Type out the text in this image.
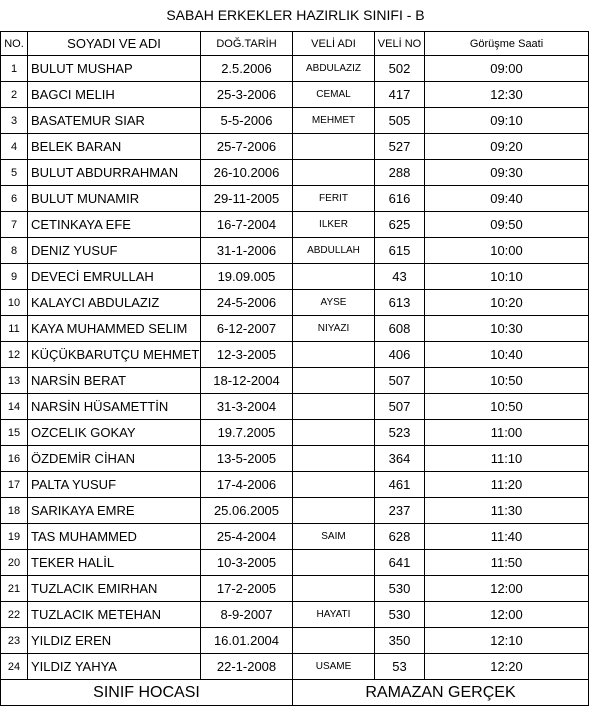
SABAH ERKEKLER HAZIRLIK SINIFI - B
NO.	SOYADI VE ADI	DOĞ.TARİH	VELİ ADI	VELİ NO	Görüşme Saati
1	BULUT MUSHAP	2.5.2006	ABDULAZIZ	502	09:00
2	BAGCI MELIH	25-3-2006	CEMAL	417	12:30
3	BASATEMUR SIAR	5-5-2006	MEHMET	505	09:10
4	BELEK BARAN	25-7-2006		527	09:20
5	BULUT ABDURRAHMAN	26-10.2006		288	09:30
6	BULUT MUNAMIR	29-11-2005	FERIT	616	09:40
7	CETINKAYA EFE	16-7-2004	ILKER	625	09:50
8	DENIZ YUSUF	31-1-2006	ABDULLAH	615	10:00
9	DEVECİ EMRULLAH	19.09.005		43	10:10
10	KALAYCI ABDULAZIZ	24-5-2006	AYSE	613	10:20
11	KAYA MUHAMMED SELIM	6-12-2007	NIYAZI	608	10:30
12	KÜÇÜKBARUTÇU MEHMET	12-3-2005		406	10:40
13	NARSİN BERAT	18-12-2004		507	10:50
14	NARSİN HÜSAMETTİN	31-3-2004		507	10:50
15	OZCELIK GOKAY	19.7.2005		523	11:00
16	ÖZDEMİR CİHAN	13-5-2005		364	11:10
17	PALTA YUSUF	17-4-2006		461	11:20
18	SARIKAYA EMRE	25.06.2005		237	11:30
19	TAS MUHAMMED	25-4-2004	SAIM	628	11:40
20	TEKER HALİL	10-3-2005		641	11:50
21	TUZLACIK EMIRHAN	17-2-2005		530	12:00
22	TUZLACIK METEHAN	8-9-2007	HAYATI	530	12:00
23	YILDIZ EREN	16.01.2004		350	12:10
24	YILDIZ YAHYA	22-1-2008	USAME	53	12:20
SINIF HOCASI			RAMAZAN GERÇEK		
